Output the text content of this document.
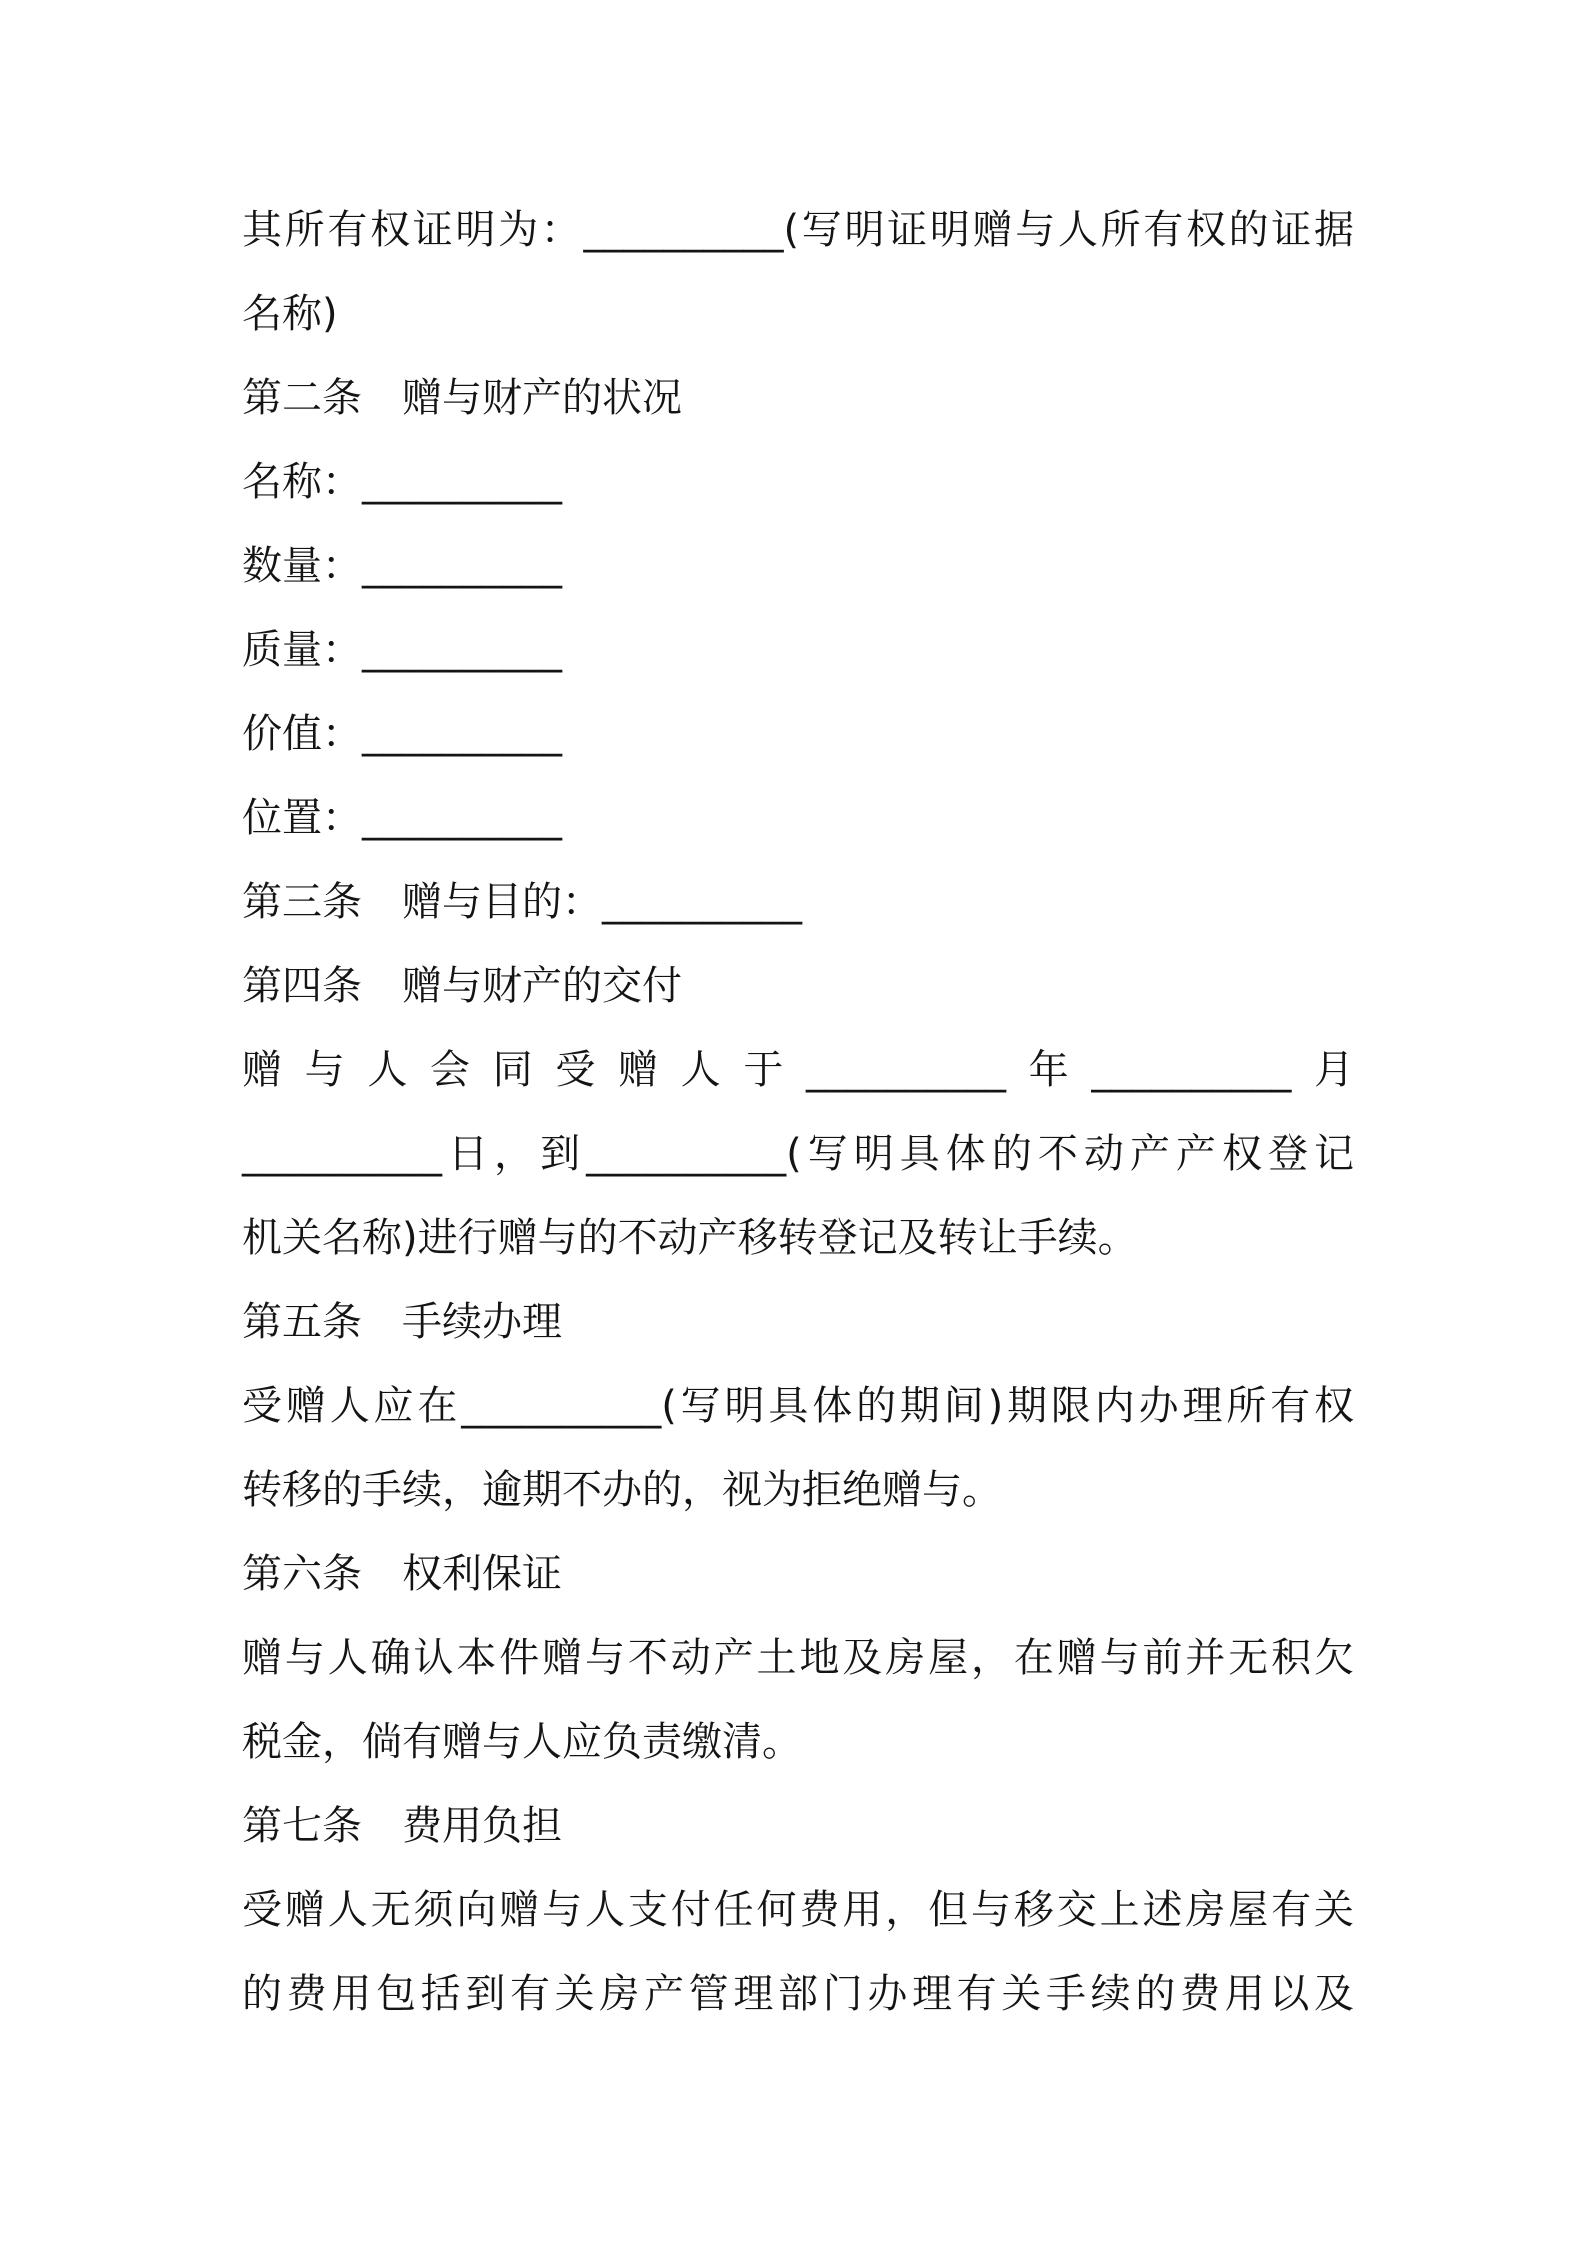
其所有权证明为：__________(写明证明赠与人所有权的证据
名称)
第二条　赠与财产的状况
名称：__________
数量：__________
质量：__________
价值：__________
位置：__________
第三条　赠与目的：__________
第四条　赠与财产的交付
赠与人会同受赠人于__________年__________月
__________日，到__________(写明具体的不动产产权登记
机关名称)进行赠与的不动产移转登记及转让手续。
第五条　手续办理
受赠人应在__________(写明具体的期间)期限内办理所有权
转移的手续，逾期不办的，视为拒绝赠与。
第六条　权利保证
赠与人确认本件赠与不动产土地及房屋，在赠与前并无积欠
税金，倘有赠与人应负责缴清。
第七条　费用负担
受赠人无须向赠与人支付任何费用，但与移交上述房屋有关
的费用包括到有关房产管理部门办理有关手续的费用以及
